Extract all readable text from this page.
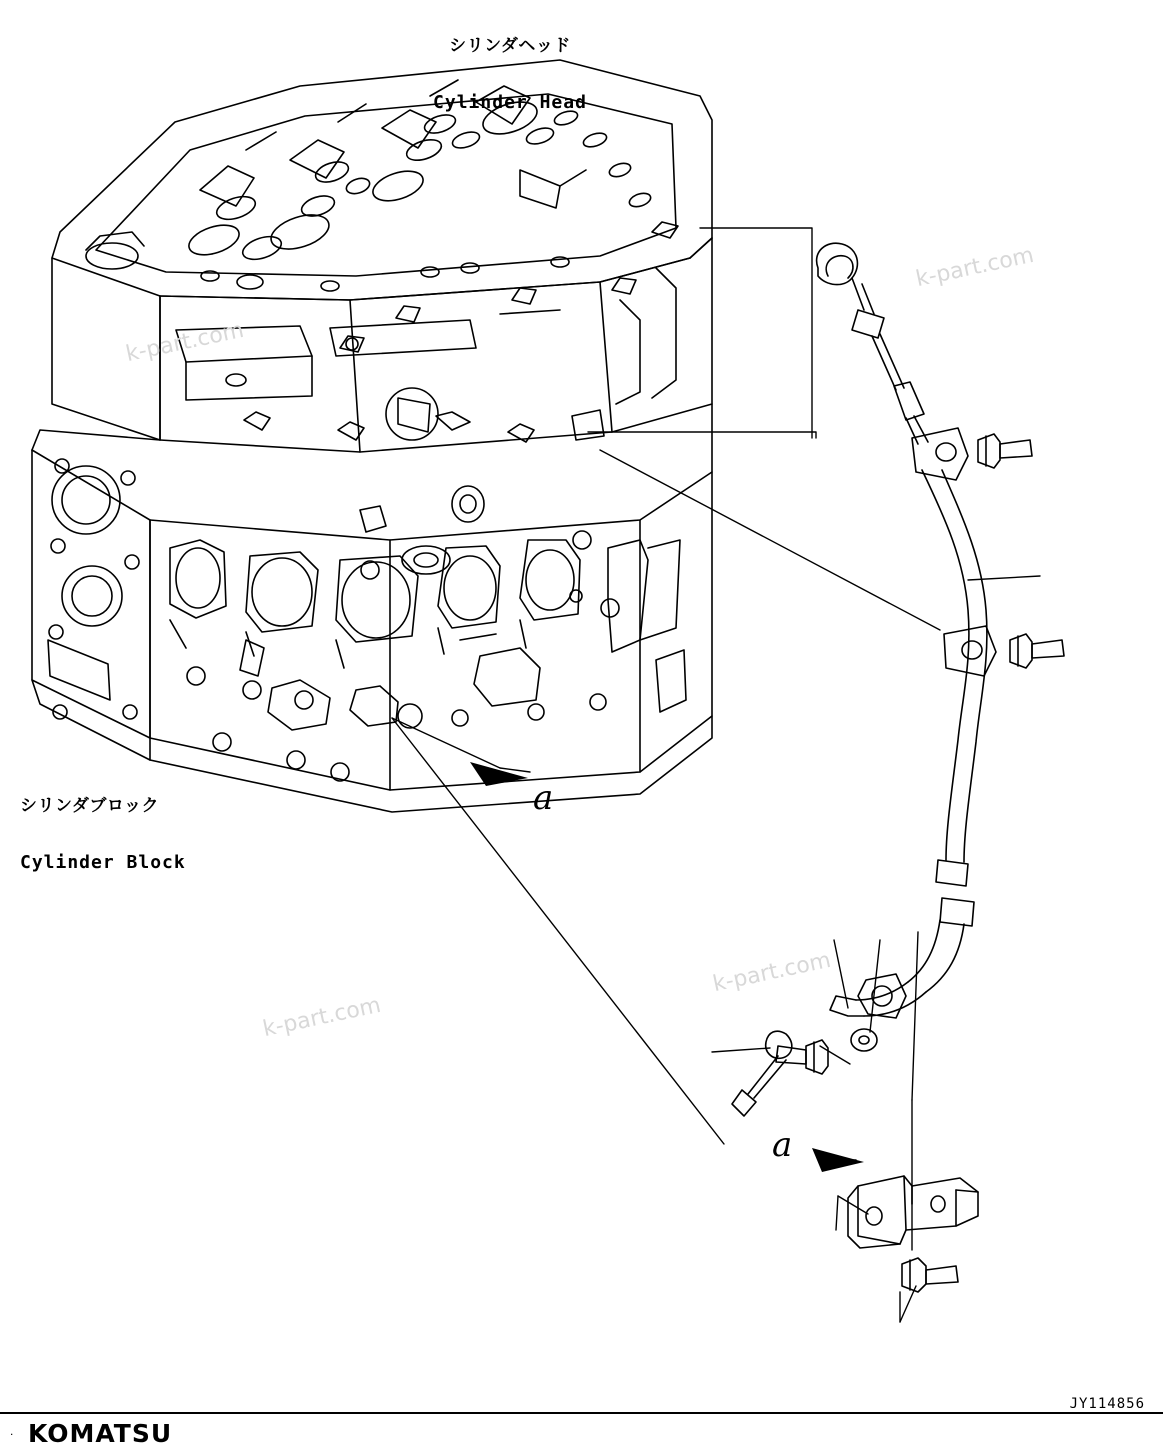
シリンダヘッド

Cylinder Head

シリンダブロック

Cylinder Block

a
a
k-part.com
k-part.com
k-part.com
k-part.com
JY114856
. KOMATSU
